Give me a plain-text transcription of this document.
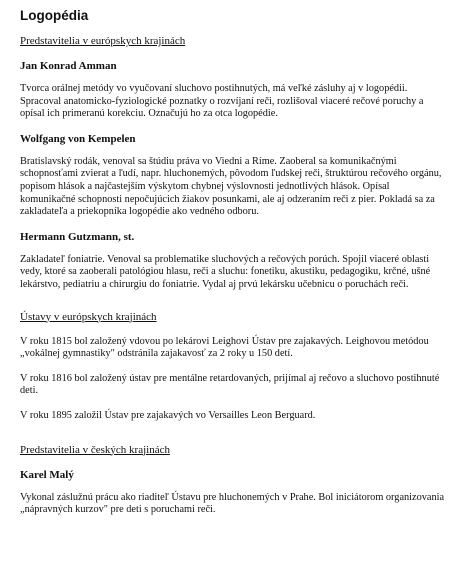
Logopédia
Predstavitelia v európskych krajinách
Jan Konrad Amman

Tvorca orálnej metódy vo vyučovaní sluchovo postihnutých, má veľké zásluhy aj v logopédii. Spracoval anatomicko-fyziologické poznatky o rozvíjaní reči, rozlišoval viaceré rečové poruchy a opísal ich primeranú korekciu. Označujú ho za otca logopédie.

Wolfgang von Kempelen

Bratislavský rodák, venoval sa štúdiu práva vo Viedni a Ríme. Zaoberal sa komunikačnými schopnosťami zvierat a ľudí, napr. hluchonemých, pôvodom ľudskej reči, štruktúrou rečového orgánu, popisom hlások a najčastejším výskytom chybnej výslovnosti jednotlivých hlások. Opísal komunikačné schopnosti nepočujúcich žiakov posunkami, ale aj odzeraním reči z pier. Pokladá sa za zakladateľa a priekopníka logopédie ako vedného odboru.

Hermann Gutzmann, st.

Zakladateľ foniatrie. Venoval sa problematike sluchových a rečových porúch. Spojil viaceré oblasti vedy, ktoré sa zaoberali patológiou hlasu, reči a sluchu: fonetiku, akustiku, pedagogiku, krčné, ušné lekárstvo, pediatriu a chirurgiu do foniatrie. Vydal aj prvú lekársku učebnicu o poruchách reči.

Ústavy v európskych krajinách

V roku 1815 bol založený vdovou po lekárovi Leighovi Ústav pre zajakavých. Leighovou metódou „vokálnej gymnastiky" odstránila zajakavosť za 2 roky u 150 detí.

V roku 1816 bol založený ústav pre mentálne retardovaných, prijímal aj rečovo a sluchovo postihnuté deti.

V roku 1895 založil Ústav pre zajakavých vo Versailles Leon Berguard.

Predstavitelia v českých krajinách
Karel Malý

Vykonal záslužnú prácu ako riaditeľ Ústavu pre hluchonemých v Prahe. Bol iniciátorom organizovania „nápravných kurzov" pre deti s poruchami reči.
